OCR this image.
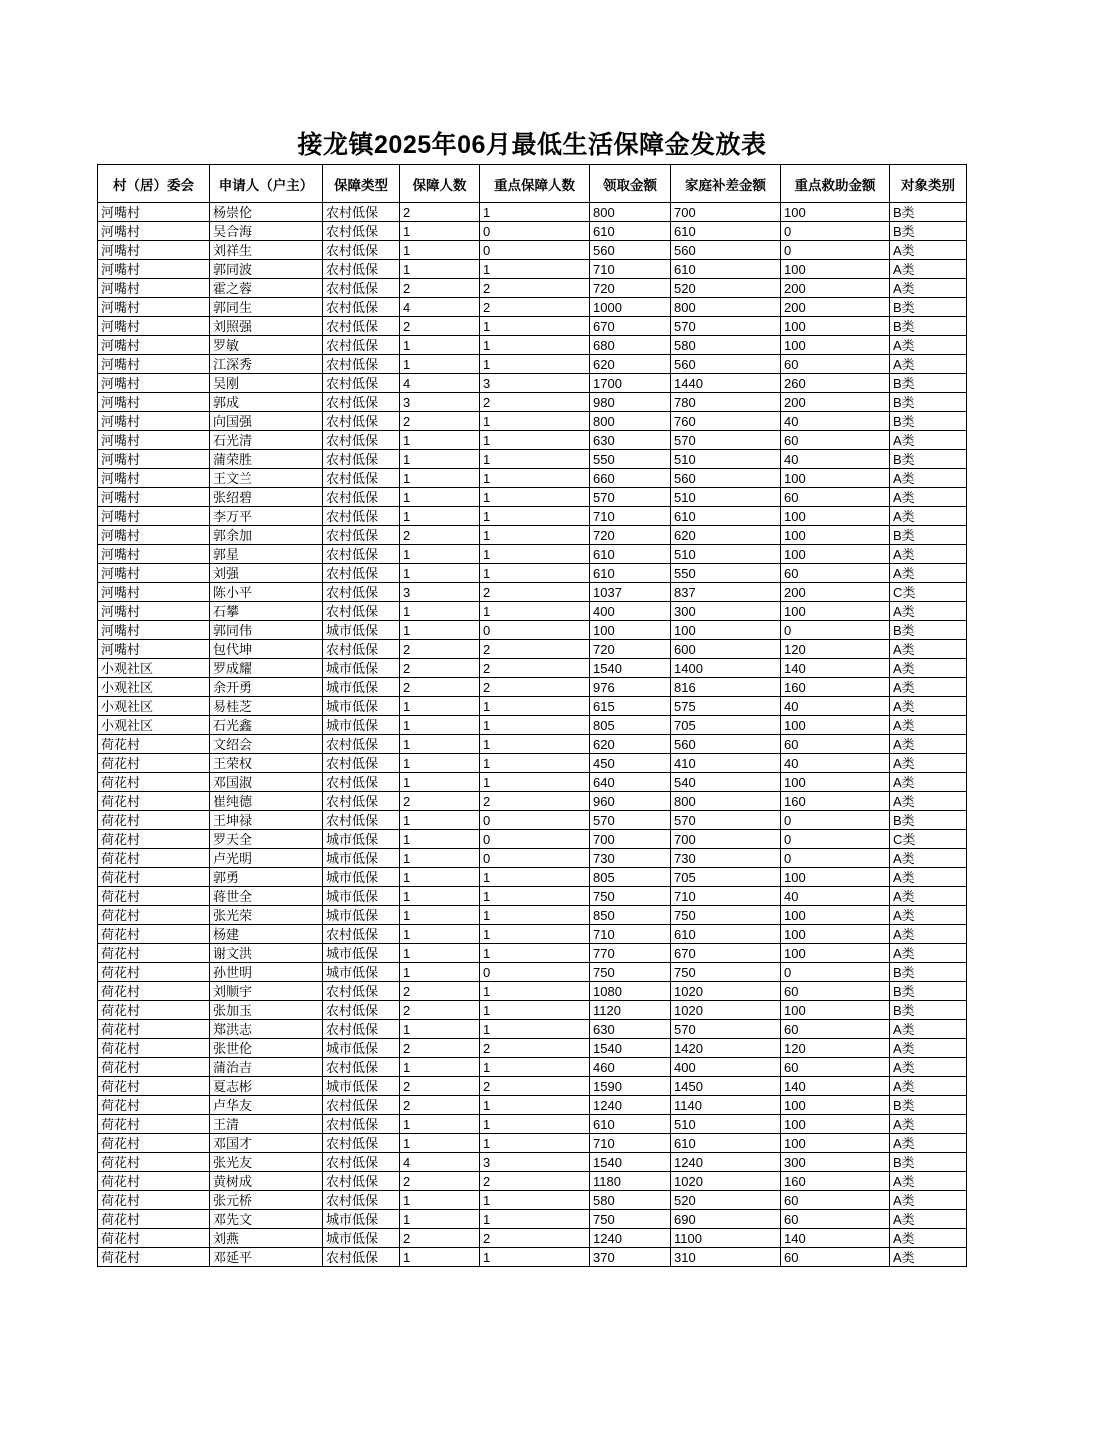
接龙镇2025年06月最低生活保障金发放表
村（居）委会	申请人（户主）	保障类型	保障人数	重点保障人数	领取金额	家庭补差金额	重点救助金额	对象类别
河嘴村	杨崇伦	农村低保	2	1	800	700	100	B类
河嘴村	吴合海	农村低保	1	0	610	610	0	B类
河嘴村	刘祥生	农村低保	1	0	560	560	0	A类
河嘴村	郭同波	农村低保	1	1	710	610	100	A类
河嘴村	霍之蓉	农村低保	2	2	720	520	200	A类
河嘴村	郭同生	农村低保	4	2	1000	800	200	B类
河嘴村	刘照强	农村低保	2	1	670	570	100	B类
河嘴村	罗敏	农村低保	1	1	680	580	100	A类
河嘴村	江深秀	农村低保	1	1	620	560	60	A类
河嘴村	吴刚	农村低保	4	3	1700	1440	260	B类
河嘴村	郭成	农村低保	3	2	980	780	200	B类
河嘴村	向国强	农村低保	2	1	800	760	40	B类
河嘴村	石光清	农村低保	1	1	630	570	60	A类
河嘴村	蒲荣胜	农村低保	1	1	550	510	40	B类
河嘴村	王文兰	农村低保	1	1	660	560	100	A类
河嘴村	张绍碧	农村低保	1	1	570	510	60	A类
河嘴村	李万平	农村低保	1	1	710	610	100	A类
河嘴村	郭余加	农村低保	2	1	720	620	100	B类
河嘴村	郭星	农村低保	1	1	610	510	100	A类
河嘴村	刘强	农村低保	1	1	610	550	60	A类
河嘴村	陈小平	农村低保	3	2	1037	837	200	C类
河嘴村	石攀	农村低保	1	1	400	300	100	A类
河嘴村	郭同伟	城市低保	1	0	100	100	0	B类
河嘴村	包代坤	农村低保	2	2	720	600	120	A类
小观社区	罗成耀	城市低保	2	2	1540	1400	140	A类
小观社区	余开勇	城市低保	2	2	976	816	160	A类
小观社区	易桂芝	城市低保	1	1	615	575	40	A类
小观社区	石光鑫	城市低保	1	1	805	705	100	A类
荷花村	文绍会	农村低保	1	1	620	560	60	A类
荷花村	王荣权	农村低保	1	1	450	410	40	A类
荷花村	邓国淑	农村低保	1	1	640	540	100	A类
荷花村	崔纯德	农村低保	2	2	960	800	160	A类
荷花村	王坤禄	农村低保	1	0	570	570	0	B类
荷花村	罗天全	城市低保	1	0	700	700	0	C类
荷花村	卢光明	城市低保	1	0	730	730	0	A类
荷花村	郭勇	城市低保	1	1	805	705	100	A类
荷花村	蒋世全	城市低保	1	1	750	710	40	A类
荷花村	张光荣	城市低保	1	1	850	750	100	A类
荷花村	杨建	农村低保	1	1	710	610	100	A类
荷花村	谢文洪	城市低保	1	1	770	670	100	A类
荷花村	孙世明	城市低保	1	0	750	750	0	B类
荷花村	刘顺宇	农村低保	2	1	1080	1020	60	B类
荷花村	张加玉	农村低保	2	1	1120	1020	100	B类
荷花村	郑洪志	农村低保	1	1	630	570	60	A类
荷花村	张世伦	城市低保	2	2	1540	1420	120	A类
荷花村	蒲治吉	农村低保	1	1	460	400	60	A类
荷花村	夏志彬	城市低保	2	2	1590	1450	140	A类
荷花村	卢华友	农村低保	2	1	1240	1140	100	B类
荷花村	王清	农村低保	1	1	610	510	100	A类
荷花村	邓国才	农村低保	1	1	710	610	100	A类
荷花村	张光友	农村低保	4	3	1540	1240	300	B类
荷花村	黄树成	农村低保	2	2	1180	1020	160	A类
荷花村	张元桥	农村低保	1	1	580	520	60	A类
荷花村	邓先文	城市低保	1	1	750	690	60	A类
荷花村	刘燕	城市低保	2	2	1240	1100	140	A类
荷花村	邓延平	农村低保	1	1	370	310	60	A类
